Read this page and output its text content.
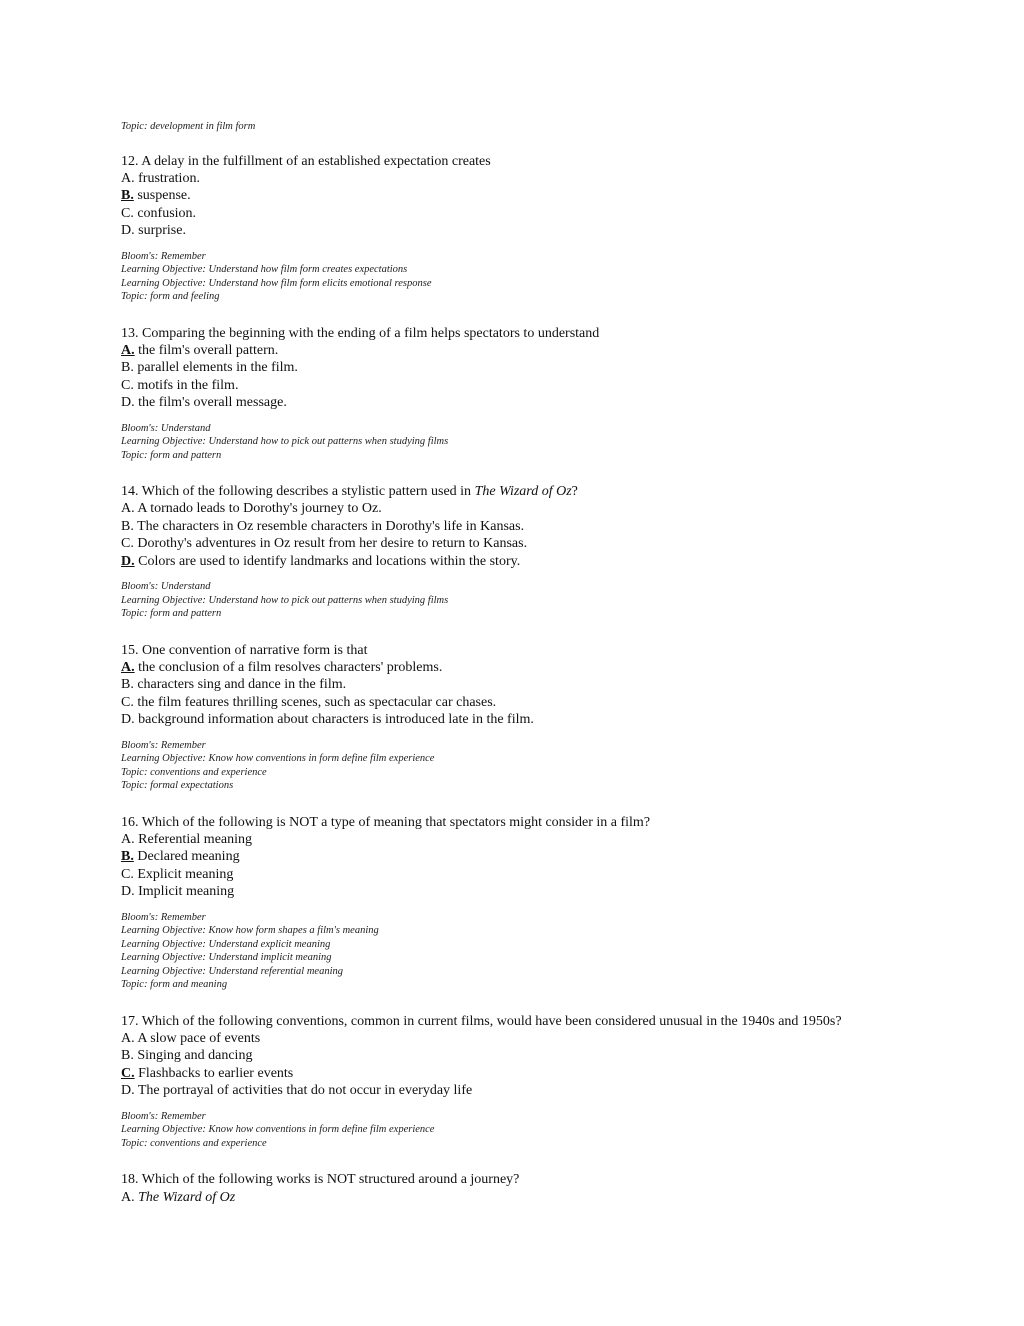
Topic: development in film form
12. A delay in the fulfillment of an established expectation creates
A. frustration.
B. suspense.
C. confusion.
D. surprise.
Bloom's: Remember
Learning Objective: Understand how film form creates expectations
Learning Objective: Understand how film form elicits emotional response
Topic: form and feeling
13. Comparing the beginning with the ending of a film helps spectators to understand
A. the film's overall pattern.
B. parallel elements in the film.
C. motifs in the film.
D. the film's overall message.
Bloom's: Understand
Learning Objective: Understand how to pick out patterns when studying films
Topic: form and pattern
14. Which of the following describes a stylistic pattern used in The Wizard of Oz?
A. A tornado leads to Dorothy's journey to Oz.
B. The characters in Oz resemble characters in Dorothy's life in Kansas.
C. Dorothy's adventures in Oz result from her desire to return to Kansas.
D. Colors are used to identify landmarks and locations within the story.
Bloom's: Understand
Learning Objective: Understand how to pick out patterns when studying films
Topic: form and pattern
15. One convention of narrative form is that
A. the conclusion of a film resolves characters' problems.
B. characters sing and dance in the film.
C. the film features thrilling scenes, such as spectacular car chases.
D. background information about characters is introduced late in the film.
Bloom's: Remember
Learning Objective: Know how conventions in form define film experience
Topic: conventions and experience
Topic: formal expectations
16. Which of the following is NOT a type of meaning that spectators might consider in a film?
A. Referential meaning
B. Declared meaning
C. Explicit meaning
D. Implicit meaning
Bloom's: Remember
Learning Objective: Know how form shapes a film's meaning
Learning Objective: Understand explicit meaning
Learning Objective: Understand implicit meaning
Learning Objective: Understand referential meaning
Topic: form and meaning
17. Which of the following conventions, common in current films, would have been considered unusual in the 1940s and 1950s?
A. A slow pace of events
B. Singing and dancing
C. Flashbacks to earlier events
D. The portrayal of activities that do not occur in everyday life
Bloom's: Remember
Learning Objective: Know how conventions in form define film experience
Topic: conventions and experience
18. Which of the following works is NOT structured around a journey?
A. The Wizard of Oz
